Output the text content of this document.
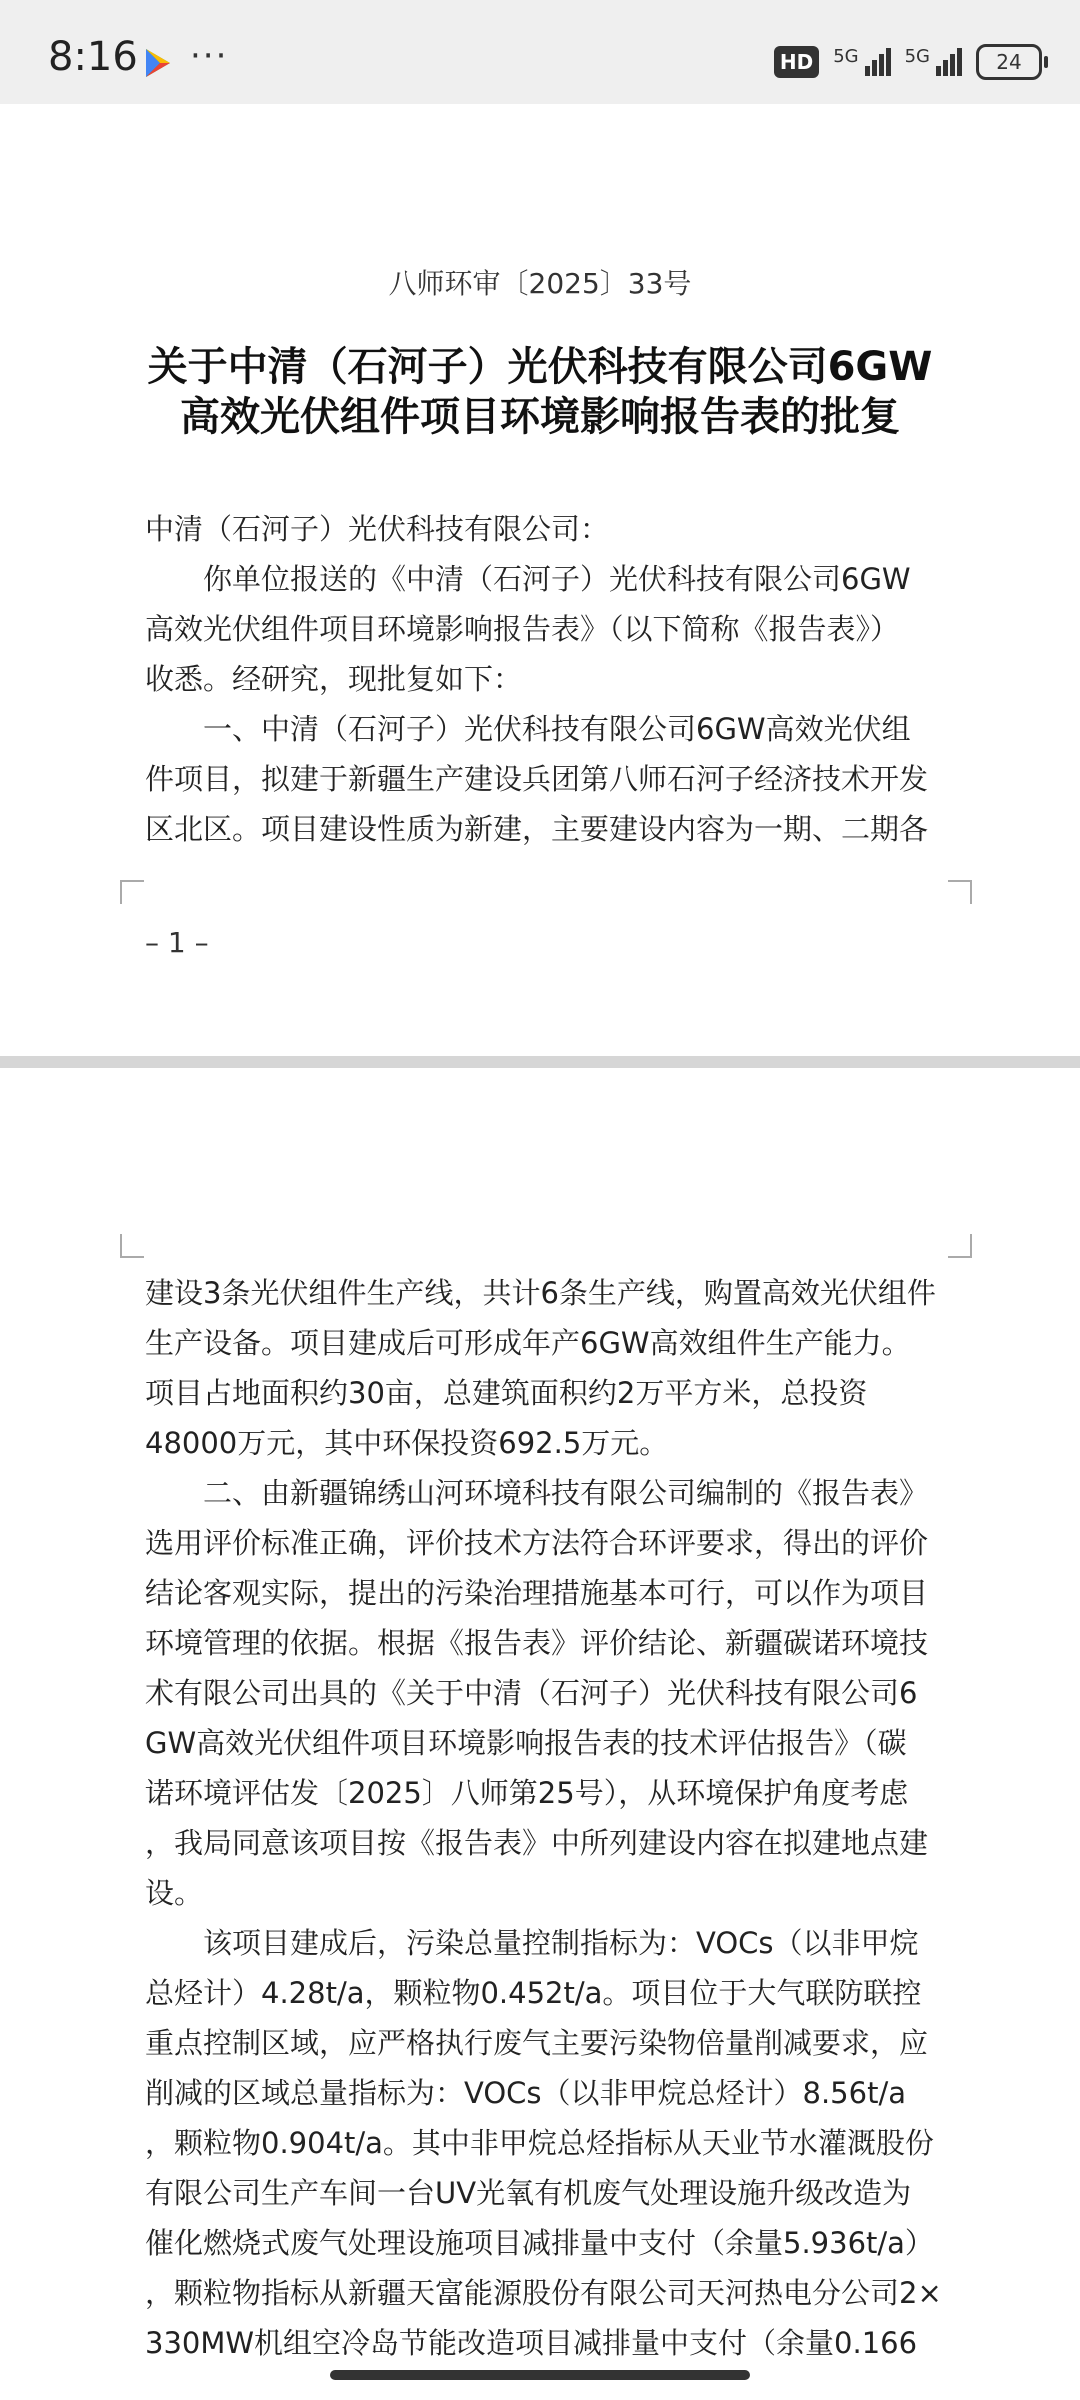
8:16 ···	HD	5G	5G	24
八师环审〔2025〕33号
关于中清（石河子）光伏科技有限公司6GW
高效光伏组件项目环境影响报告表的批复
中清（石河子）光伏科技有限公司：
　　你单位报送的《中清（石河子）光伏科技有限公司6GW
高效光伏组件项目环境影响报告表》（以下简称《报告表》）
收悉。经研究，现批复如下：
　　一、中清（石河子）光伏科技有限公司6GW高效光伏组
件项目，拟建于新疆生产建设兵团第八师石河子经济技术开发
区北区。项目建设性质为新建，主要建设内容为一期、二期各
– 1 –
建设3条光伏组件生产线，共计6条生产线，购置高效光伏组件
生产设备。项目建成后可形成年产6GW高效组件生产能力。
项目占地面积约30亩，总建筑面积约2万平方米，总投资
48000万元，其中环保投资692.5万元。
　　二、由新疆锦绣山河环境科技有限公司编制的《报告表》
选用评价标准正确，评价技术方法符合环评要求，得出的评价
结论客观实际，提出的污染治理措施基本可行，可以作为项目
环境管理的依据。根据《报告表》评价结论、新疆碳诺环境技
术有限公司出具的《关于中清（石河子）光伏科技有限公司6
GW高效光伏组件项目环境影响报告表的技术评估报告》（碳
诺环境评估发〔2025〕八师第25号），从环境保护角度考虑
，我局同意该项目按《报告表》中所列建设内容在拟建地点建
设。
　　该项目建成后，污染总量控制指标为：VOCs（以非甲烷
总烃计）4.28t/a，颗粒物0.452t/a。项目位于大气联防联控
重点控制区域，应严格执行废气主要污染物倍量削减要求，应
削减的区域总量指标为：VOCs（以非甲烷总烃计）8.56t/a
，颗粒物0.904t/a。其中非甲烷总烃指标从天业节水灌溉股份
有限公司生产车间一台UV光氧有机废气处理设施升级改造为
催化燃烧式废气处理设施项目减排量中支付（余量5.936t/a）
，颗粒物指标从新疆天富能源股份有限公司天河热电分公司2×
330MW机组空冷岛节能改造项目减排量中支付（余量0.166
